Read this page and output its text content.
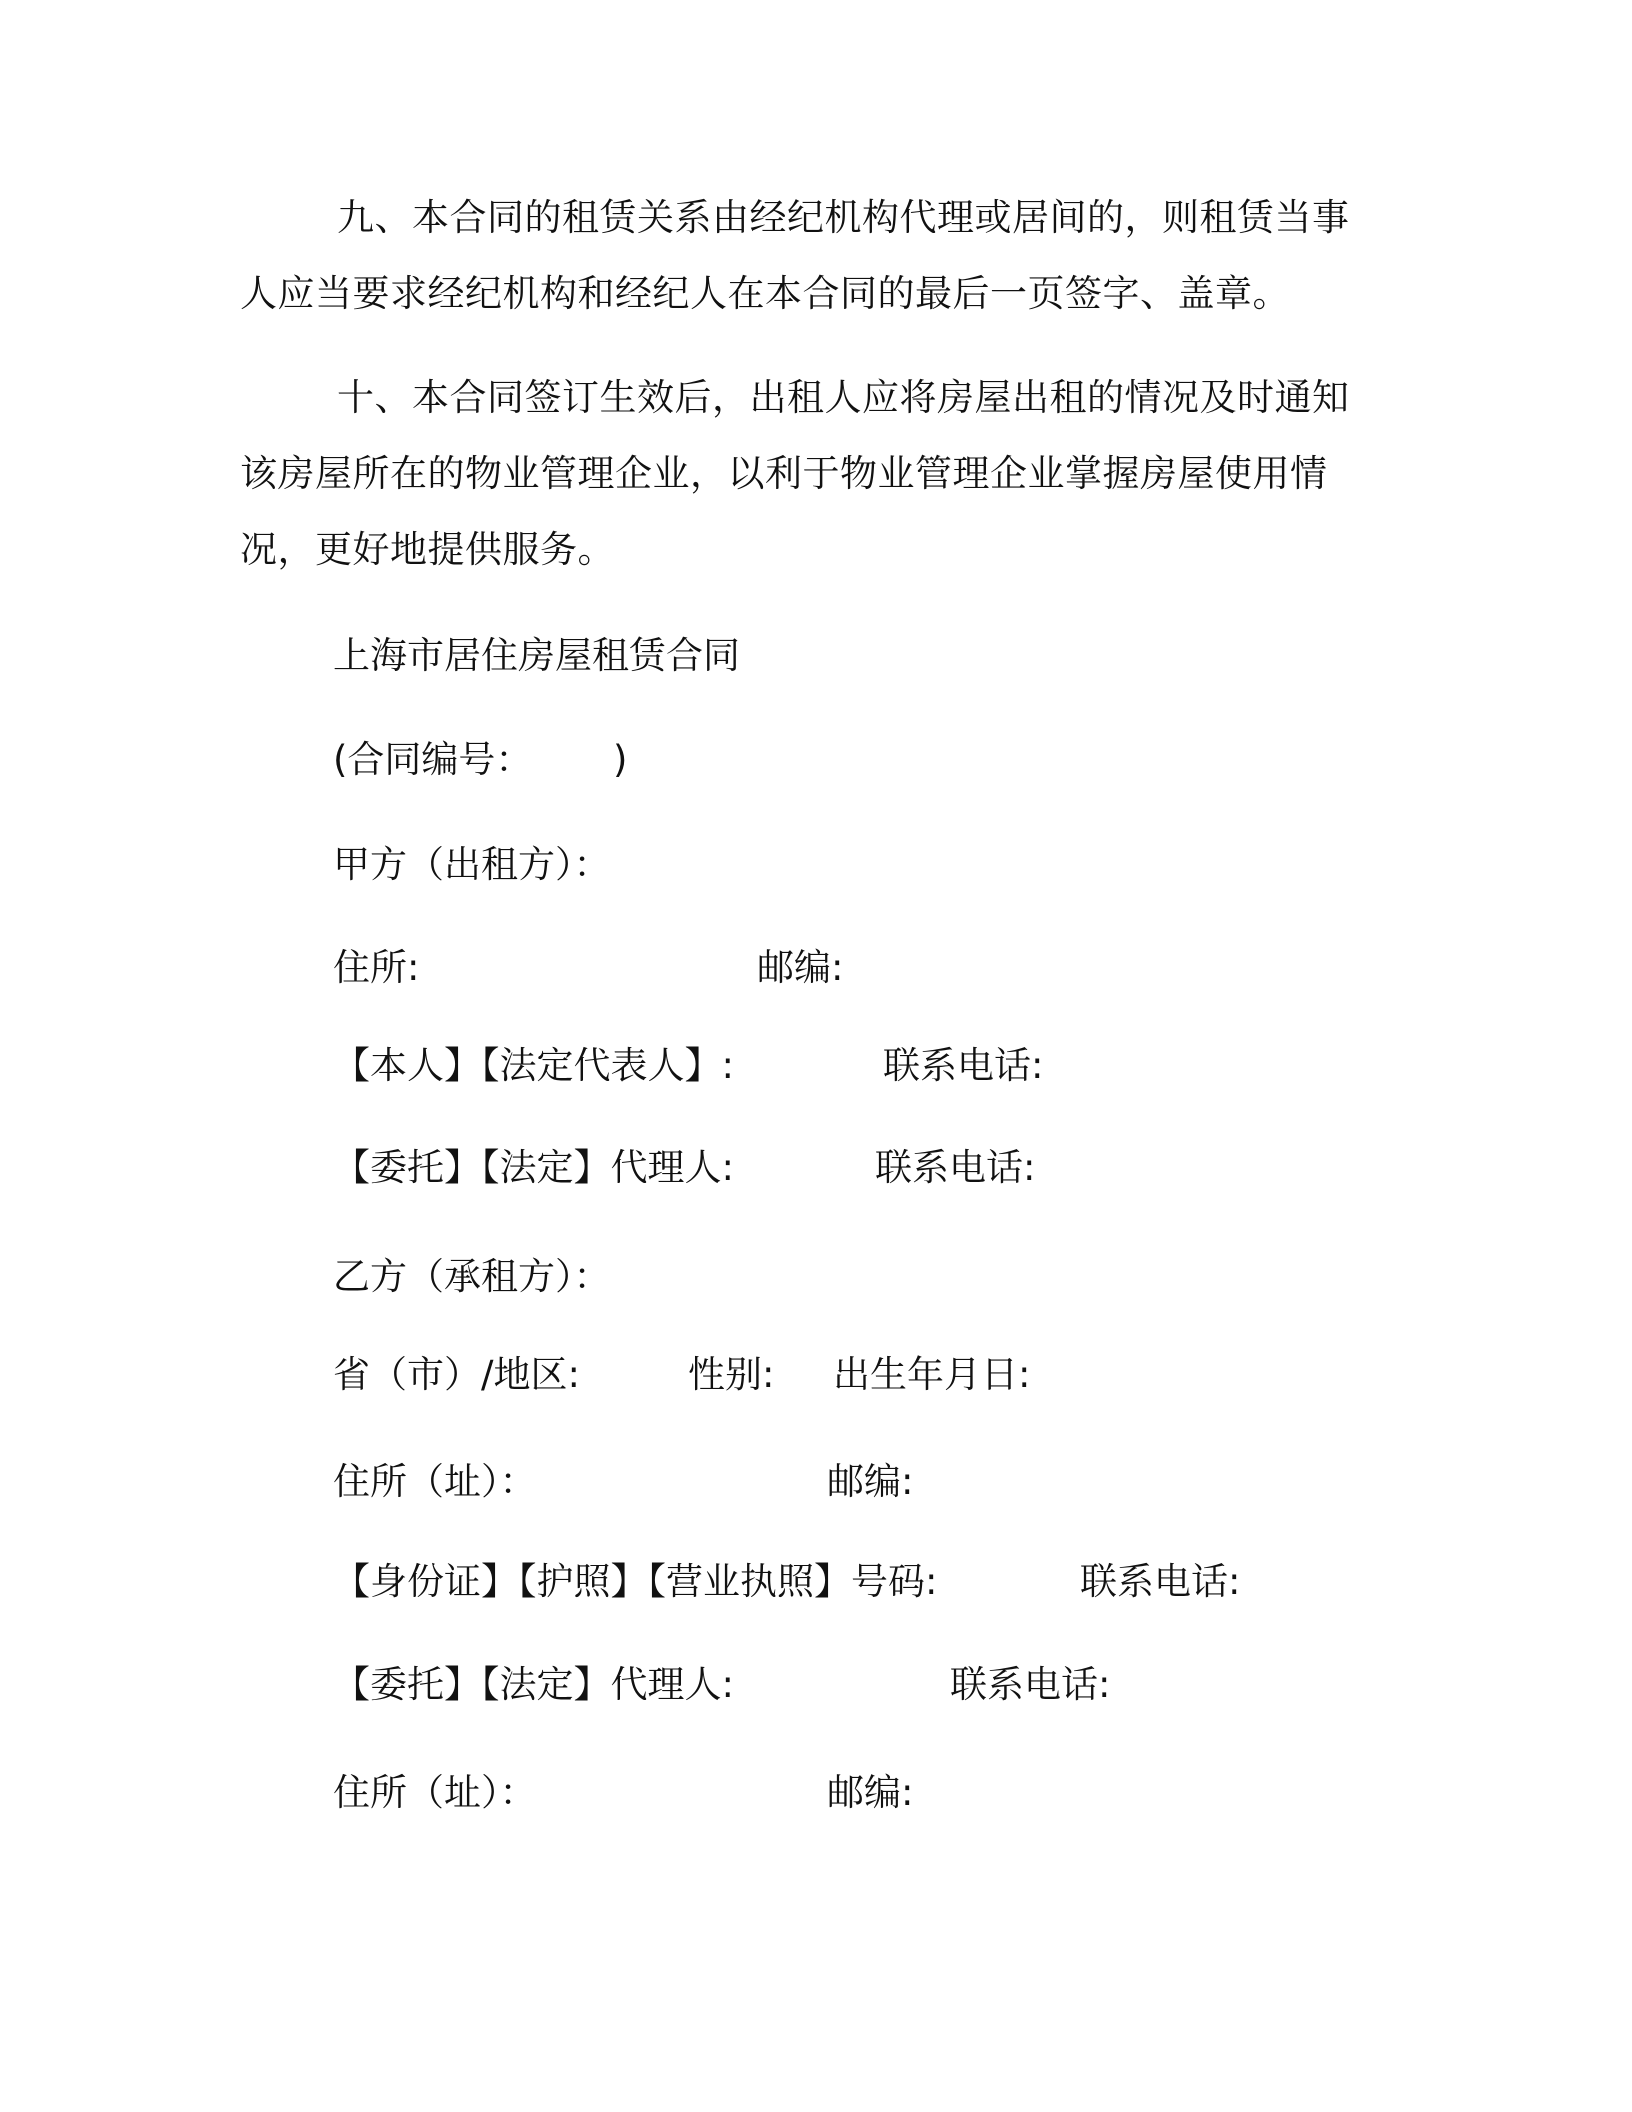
九、本合同的租赁关系由经纪机构代理或居间的，则租赁当事人应当要求经纪机构和经纪人在本合同的最后一页签字、盖章。

十、本合同签订生效后，出租人应将房屋出租的情况及时通知该房屋所在的物业管理企业，以利于物业管理企业掌握房屋使用情况，更好地提供服务。

上海市居住房屋租赁合同
(合同编号： )
甲方（出租方）：
住所:	邮编:
【本人】【法定代表人】:	联系电话:
【委托】【法定】代理人:	联系电话:
乙方（承租方）：
省（市）/地区:	性别: 出生年月日:
住所（址）：	邮编:
【身份证】【护照】【营业执照】号码:	联系电话:
【委托】【法定】代理人:	联系电话:
住所（址）：	邮编:
